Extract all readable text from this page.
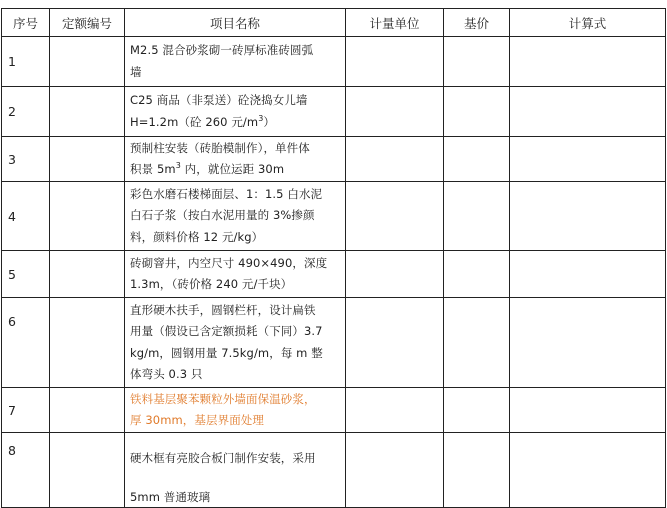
序号	定额编号	项目名称	计量单位	基价	计算式
1		M2.5 混合砂浆砌一砖厚标准砖圆弧
墙			
2		C25 商品（非泵送）砼浇捣女儿墙
H=1.2m（砼 260 元$/m^3$）			
3		预制柱安装（砖胎模制作），单件体
积景 $5m^3$ 内，就位运距 30m			
4		彩色水磨石楼梯面层、1：1.5 白水泥
白石子浆（按白水泥用量的 3%掺颜
料，颜料价格 12 元/kg）			
5		砖砌窨井，内空尺寸 490×490，深度
1.3m，（砖价格 240 元/千块）			
6		直形硬木扶手，圆钢栏杆，设计扁铁
用量（假设已含定额损耗（下同）3.7
kg/m，圆钢用量 7.5kg/m，每 m 整
体弯头 0.3 只			
7		铁料基层聚苯颗粒外墙面保温砂浆，
厚 30mm，基层界面处理			
8		硬木框有亮胶合板门制作安装，采用
5mm 普通玻璃			
